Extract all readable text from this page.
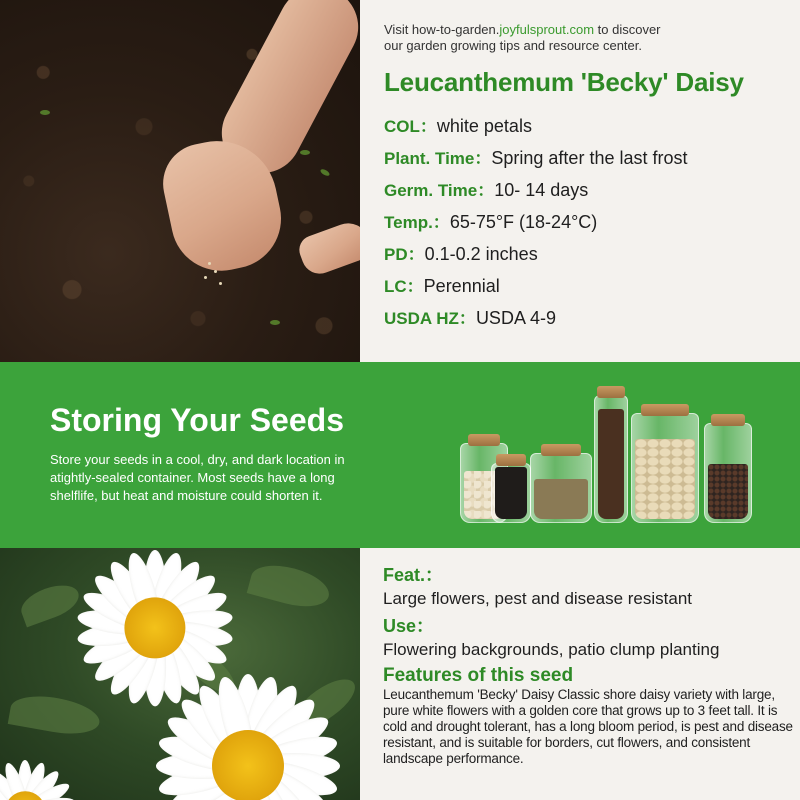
Visit how-to-garden.joyfulsprout.com to discover
our garden growing tips and resource center.
Leucanthemum 'Becky' Daisy
COL：white petals
Plant. Time：Spring after the last frost
Germ. Time：10- 14 days
Temp.：65-75°F (18-24°C)
PD：0.1-0.2 inches
LC：Perennial
USDA HZ：USDA 4-9
Storing Your Seeds
Store your seeds in a cool, dry, and dark location in atightly-sealed container. Most seeds have a long shelflife, but heat and moisture could shorten it.
Feat.：
Large flowers, pest and disease resistant
Use：
Flowering backgrounds, patio clump planting
Features of this seed
Leucanthemum 'Becky' Daisy Classic shore daisy variety with large, pure white flowers with a golden core that grows up to 3 feet tall. It is cold and drought tolerant, has a long bloom period, is pest and disease resistant, and is suitable for borders, cut flowers, and consistent landscape performance.
